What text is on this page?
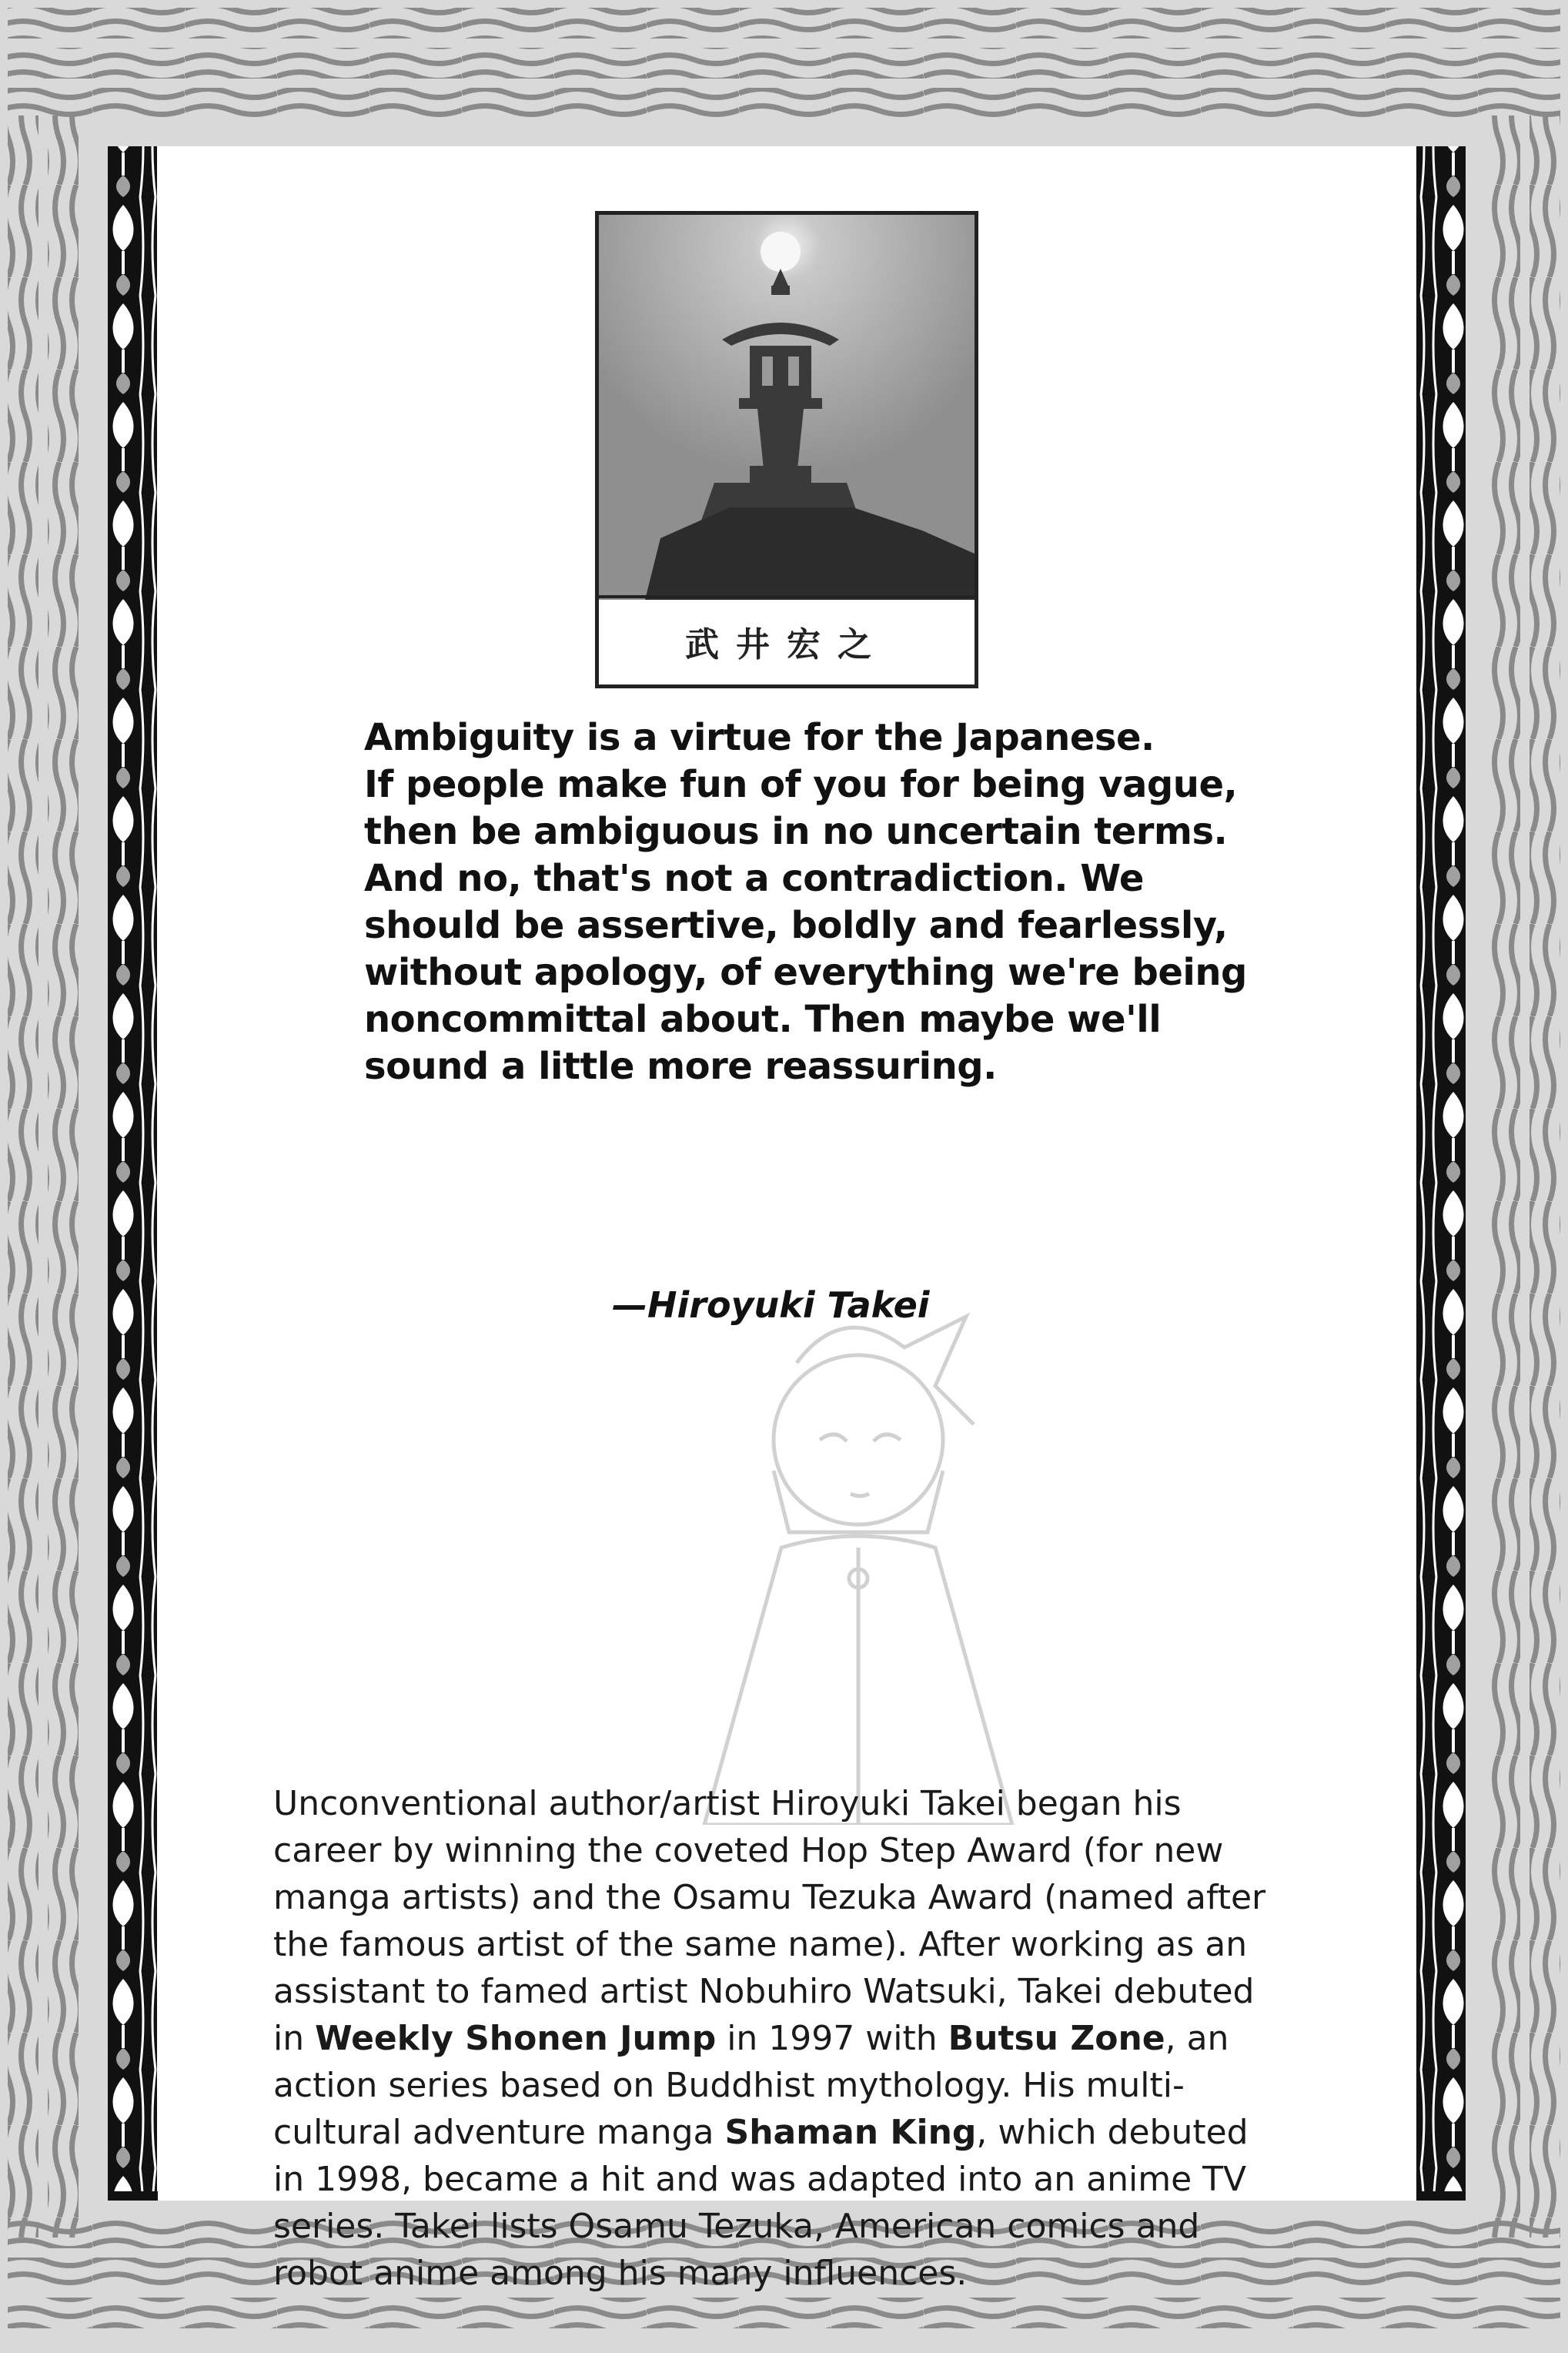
武井宏之

Ambiguity is a virtue for the Japanese.

If people make fun of you for being vague,

then be ambiguous in no uncertain terms.

And no, that's not a contradiction. We

should be assertive, boldly and fearlessly,

without apology, of everything we're being

noncommittal about. Then maybe we'll

sound a little more reassuring.

—Hiroyuki Takei

Unconventional author/artist Hiroyuki Takei began his

career by winning the coveted Hop Step Award (for new

manga artists) and the Osamu Tezuka Award (named after

the famous artist of the same name). After working as an

assistant to famed artist Nobuhiro Watsuki, Takei debuted

in Weekly Shonen Jump in 1997 with Butsu Zone, an

action series based on Buddhist mythology. His multi-

cultural adventure manga Shaman King, which debuted

in 1998, became a hit and was adapted into an anime TV

series. Takei lists Osamu Tezuka, American comics and

robot anime among his many influences.
